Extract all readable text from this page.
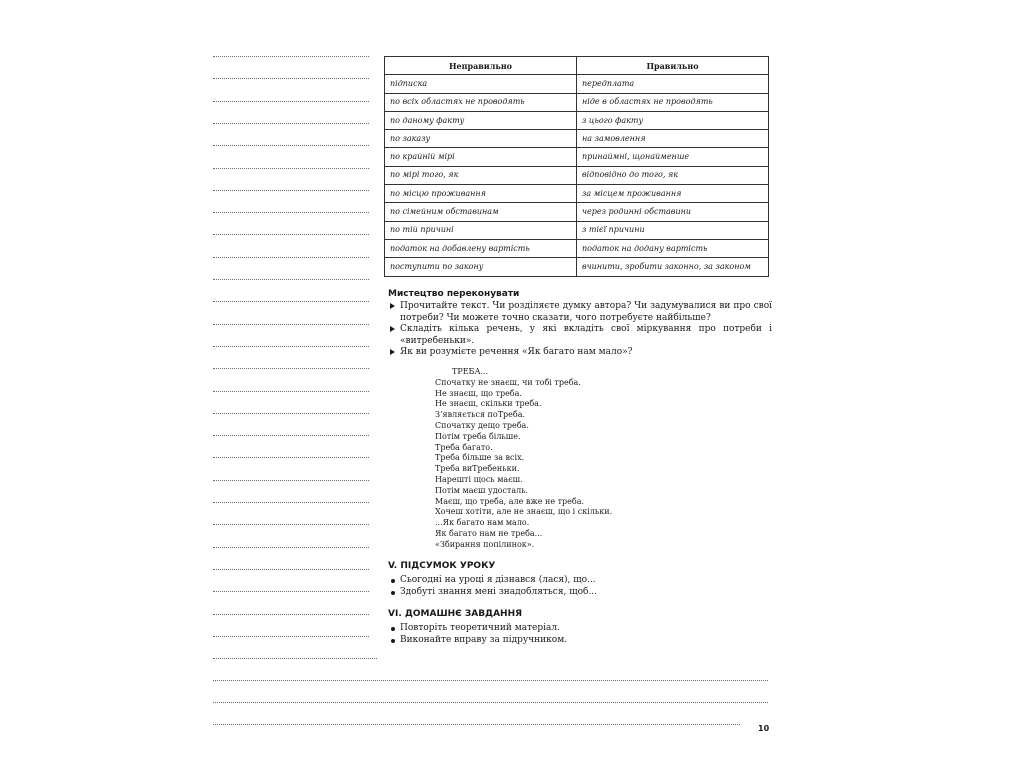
Неправильно	Правильно
підписка	передплата
по всіх областях не проводять	ніде в областях не проводять
по даному факту	з цього факту
по заказу	на замовлення
по крайній мірі	принаймні, щонайменше
по мірі того, як	відповідно до того, як
по місцю проживання	за місцем проживання
по сімейним обставинам	через родинні обставини
по тій причині	з тієї причини
податок на добавлену вартість	податок на додану вартість
поступити по закону	вчинити, зробити законно, за законом

Мистецтво переконувати

Прочитайте текст. Чи розділяєте думку автора? Чи задумувалися ви про свої потреби? Чи можете точно сказати, чого потребуєте найбільше?
Складіть кілька речень, у які вкладіть свої міркування про потреби і «витребеньки».
Як ви розумієте речення «Як багато нам мало»?
ТРЕБА...
Спочатку не знаєш, чи тобі треба.
Не знаєш, що треба.
Не знаєш, скільки треба.
З’являється поТреба.
Спочатку дещо треба.
Потім треба більше.
Треба багато.
Треба більше за всіх.
Треба виТребеньки.
Нарешті щось маєш.
Потім маєш удосталь.
Маєш, що треба, але вже не треба.
Хочеш хотіти, але не знаєш, що і скільки.
...Як багато нам мало.
Як багато нам не треба...
«Збирання попілинок».

V. ПІДСУМОК УРОКУ

Сьогодні на уроці я дізнався (лася), що...
Здобуті знання мені знадобляться, щоб...

VI. ДОМАШНЄ ЗАВДАННЯ

Повторіть теоретичний матеріал.
Виконайте вправу за підручником.
10
